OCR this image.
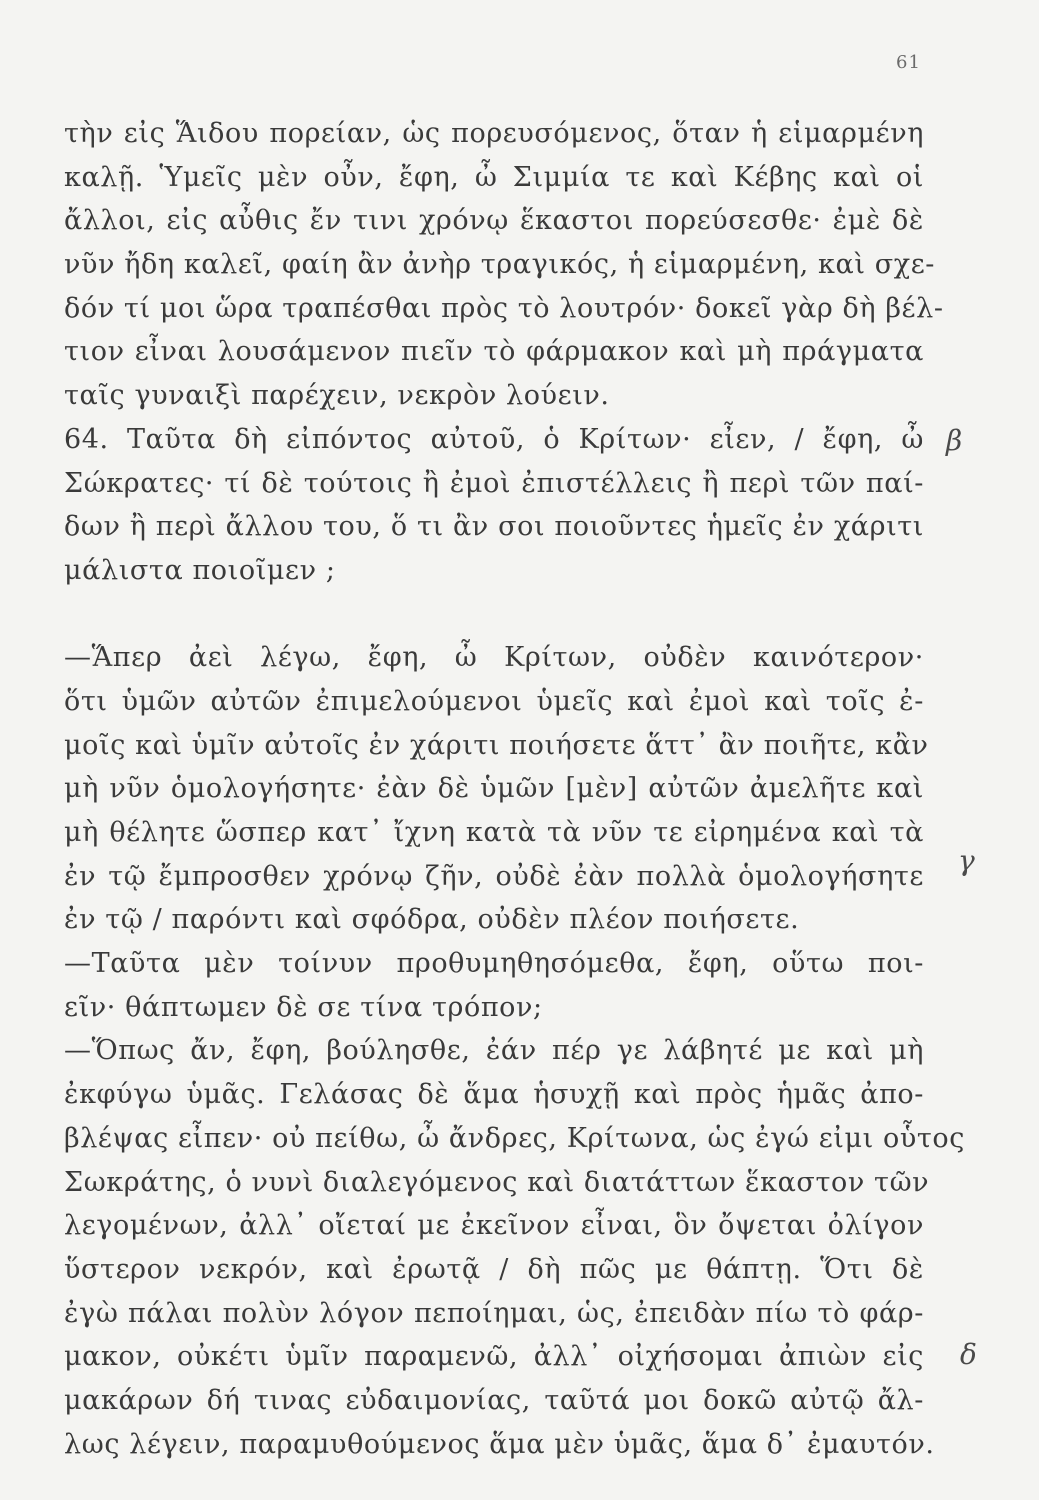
61
τὴν εἰς Ἅιδου πορείαν, ὡς πορευσόμενος, ὅταν ἡ εἱμαρμένη
καλῇ. Ὑμεῖς μὲν οὖν, ἔφη, ὦ Σιμμία τε καὶ Κέβης καὶ οἱ
ἄλλοι, εἰς αὖθις ἔν τινι χρόνῳ ἕκαστοι πορεύσεσθε· ἐμὲ δὲ
νῦν ἤδη καλεῖ, φαίη ἂν ἀνὴρ τραγικός, ἡ εἱμαρμένη, καὶ σχε-
δόν τί μοι ὥρα τραπέσθαι πρὸς τὸ λουτρόν· δοκεῖ γὰρ δὴ βέλ-
τιον εἶναι λουσάμενον πιεῖν τὸ φάρμακον καὶ μὴ πράγματα
ταῖς γυναιξὶ παρέχειν, νεκρὸν λούειν.
64. Ταῦτα δὴ εἰπόντος αὐτοῦ, ὁ Κρίτων· εἶεν, / ἔφη, ὦ
Σώκρατες· τί δὲ τούτοις ἢ ἐμοὶ ἐπιστέλλεις ἢ περὶ τῶν παί-
δων ἢ περὶ ἄλλου του, ὅ τι ἂν σοι ποιοῦντες ἡμεῖς ἐν χάριτι
μάλιστα ποιοῖμεν ;
—Ἅπερ ἀεὶ λέγω, ἔφη, ὦ Κρίτων, οὐδὲν καινότερον·
ὅτι ὑμῶν αὐτῶν ἐπιμελούμενοι ὑμεῖς καὶ ἐμοὶ καὶ τοῖς ἐ-
μοῖς καὶ ὑμῖν αὐτοῖς ἐν χάριτι ποιήσετε ἅττ᾽ ἂν ποιῆτε, κἂν
μὴ νῦν ὁμολογήσητε· ἐὰν δὲ ὑμῶν [μὲν] αὐτῶν ἀμελῆτε καὶ
μὴ θέλητε ὥσπερ κατ᾽ ἴχνη κατὰ τὰ νῦν τε εἰρημένα καὶ τὰ
ἐν τῷ ἔμπροσθεν χρόνῳ ζῆν, οὐδὲ ἐὰν πολλὰ ὁμολογήσητε
ἐν τῷ / παρόντι καὶ σφόδρα, οὐδὲν πλέον ποιήσετε.
—Ταῦτα μὲν τοίνυν προθυμηθησόμεθα, ἔφη, οὕτω ποι-
εῖν· θάπτωμεν δὲ σε τίνα τρόπον;
—Ὅπως ἄν, ἔφη, βούλησθε, ἐάν πέρ γε λάβητέ με καὶ μὴ
ἐκφύγω ὑμᾶς. Γελάσας δὲ ἅμα ἡσυχῇ καὶ πρὸς ἡμᾶς ἀπο-
βλέψας εἶπεν· οὐ πείθω, ὦ ἄνδρες, Κρίτωνα, ὡς ἐγώ εἰμι οὗτος
Σωκράτης, ὁ νυνὶ διαλεγόμενος καὶ διατάττων ἕκαστον τῶν
λεγομένων, ἀλλ᾽ οἴεταί με ἐκεῖνον εἶναι, ὃν ὄψεται ὀλίγον
ὕστερον νεκρόν, καὶ ἐρωτᾷ / δὴ πῶς με θάπτῃ. Ὅτι δὲ
ἐγὼ πάλαι πολὺν λόγον πεποίημαι, ὡς, ἐπειδὰν πίω τὸ φάρ-
μακον, οὐκέτι ὑμῖν παραμενῶ, ἀλλ᾽ οἰχήσομαι ἀπιὼν εἰς
μακάρων δή τινας εὐδαιμονίας, ταῦτά μοι δοκῶ αὐτῷ ἄλ-
λως λέγειν, παραμυθούμενος ἅμα μὲν ὑμᾶς, ἅμα δ᾽ ἐμαυτόν.
β
γ
δ
